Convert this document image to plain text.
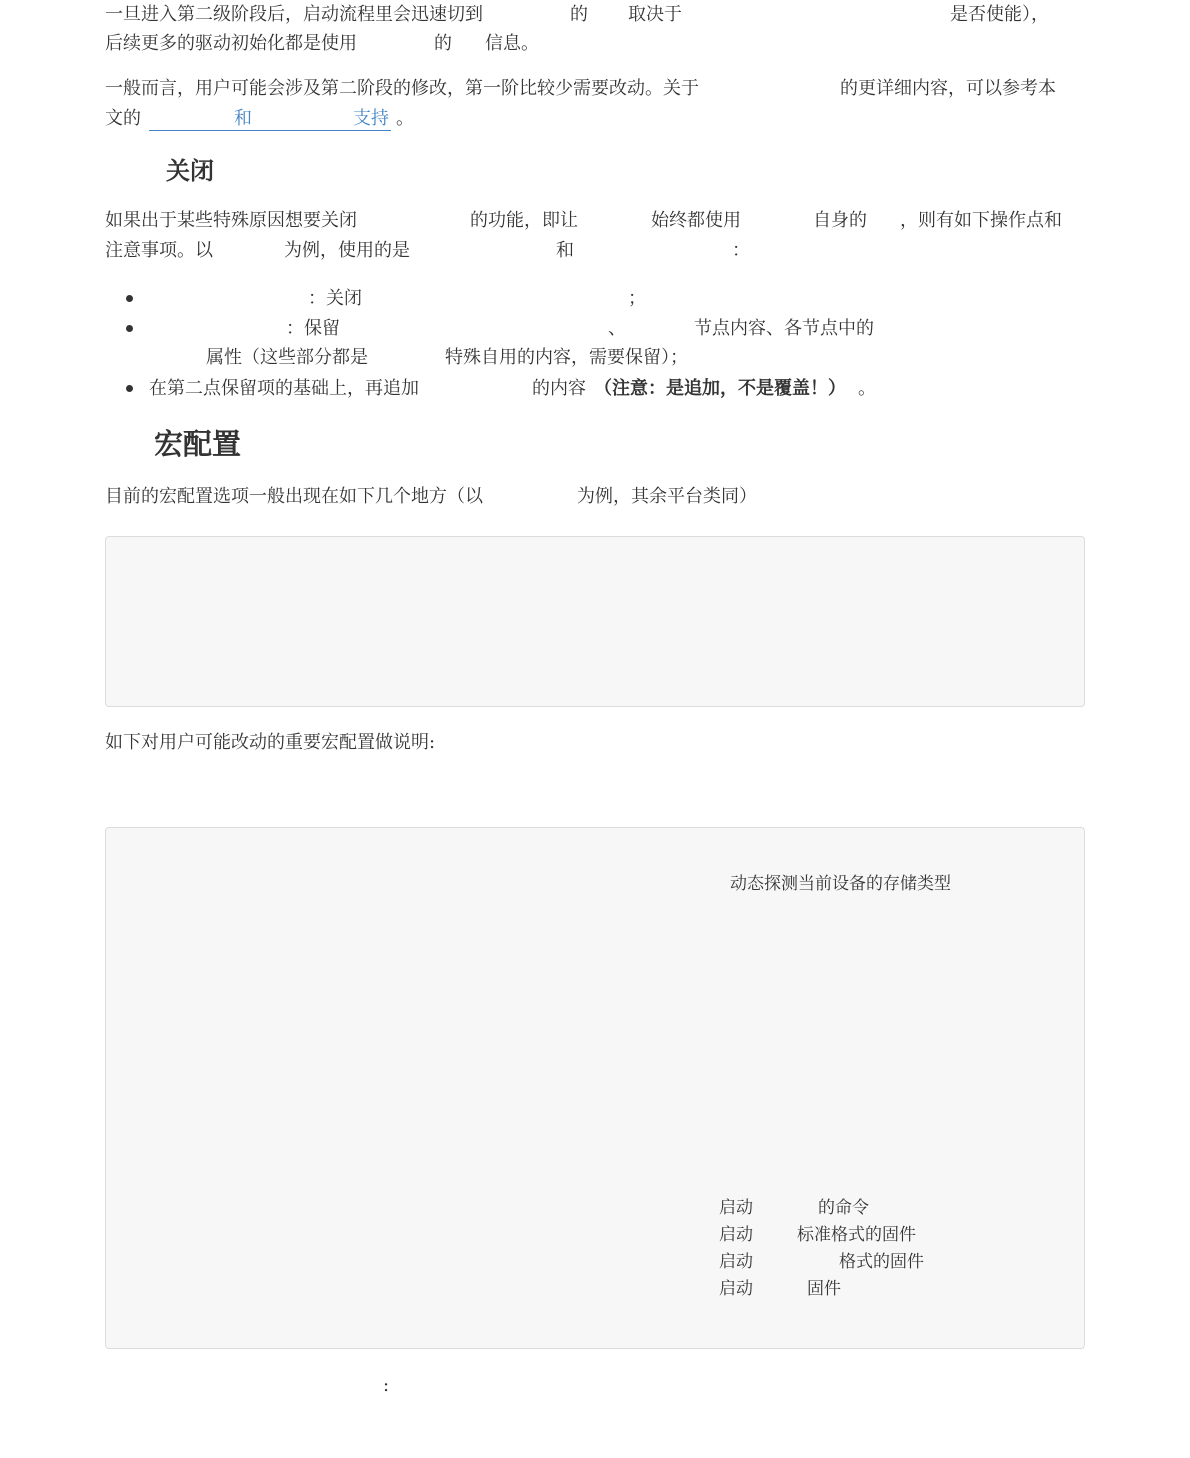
一旦进入第二级阶段后，启动流程里会迅速切到	的 取决于	是否使能），
后续更多的驱动初始化都是使用	的 信息。
一般而言，用户可能会涉及第二阶段的修改，第一阶比较少需要改动。关于	的更详细内容，可以参考本
文的	和	支持 。
关闭
如果出于某些特殊原因想要关闭	的功能，即让	始终都使用	自身的 ，则有如下操作点和
注意事项。以	为例，使用的是	和	：
：关闭	；
：保留	、	节点内容、各节点中的
属性（这些部分都是	特殊自用的内容，需要保留）；
在第二点保留项的基础上，再追加	的内容 （注意：是追加，不是覆盖！） 。
宏配置
目前的宏配置选项一般出现在如下几个地方（以	为例，其余平台类同）
如下对用户可能改动的重要宏配置做说明:
动态探测当前设备的存储类型
启动	的命令
启动	标准格式的固件
启动	格式的固件
启动	固件
:
